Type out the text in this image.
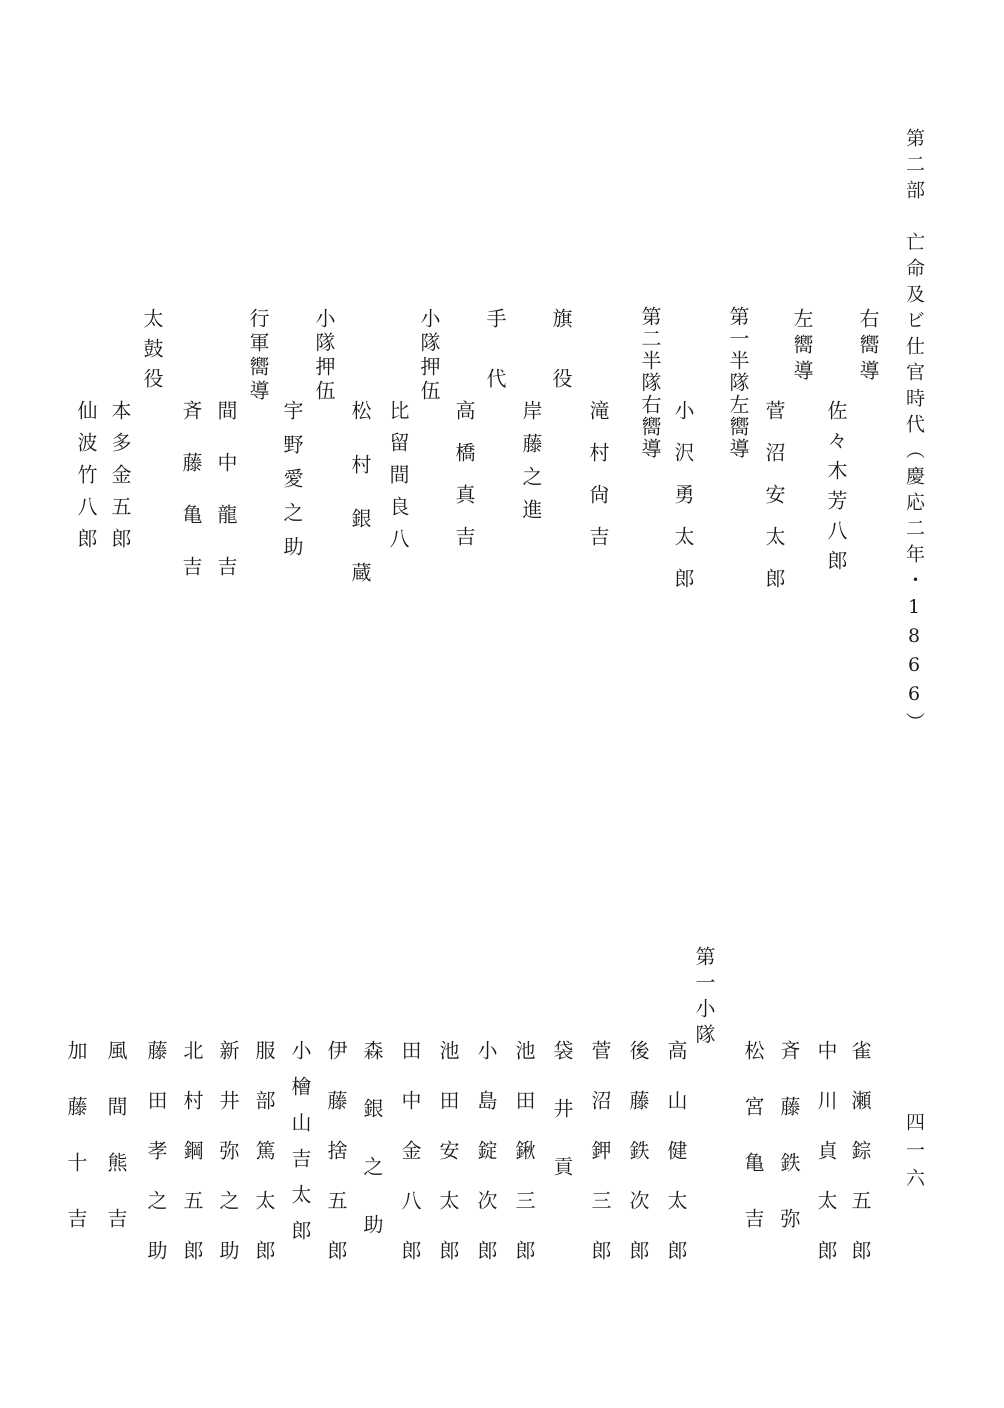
第二部　亡命及ビ仕官時代（慶応二年・1866）
四一六
右嚮導
佐々木芳八郎
左嚮導
菅沼安太郎
第一半隊左嚮導
小沢勇太郎
第二半隊右嚮導
滝村尙吉
旗役
岸藤之進
手代
高橋真吉
小隊押伍
比留間良八
松村銀蔵
小隊押伍
宇野愛之助
行軍嚮導
間中龍吉
斉藤亀吉
太鼓役
本多金五郎
仙波竹八郎
雀瀬錝五郎
中川貞太郎
斉藤鉄弥
松宮亀吉
第一小隊
高山健太郎
後藤鉄次郎
菅沼鉀三郎
袋井貢
池田鍬三郎
小島錠次郎
池田安太郎
田中金八郎
森銀之助
伊藤捨五郎
小檜山吉太郎
服部篤太郎
新井弥之助
北村鋼五郎
藤田孝之助
風間熊吉
加藤十吉
